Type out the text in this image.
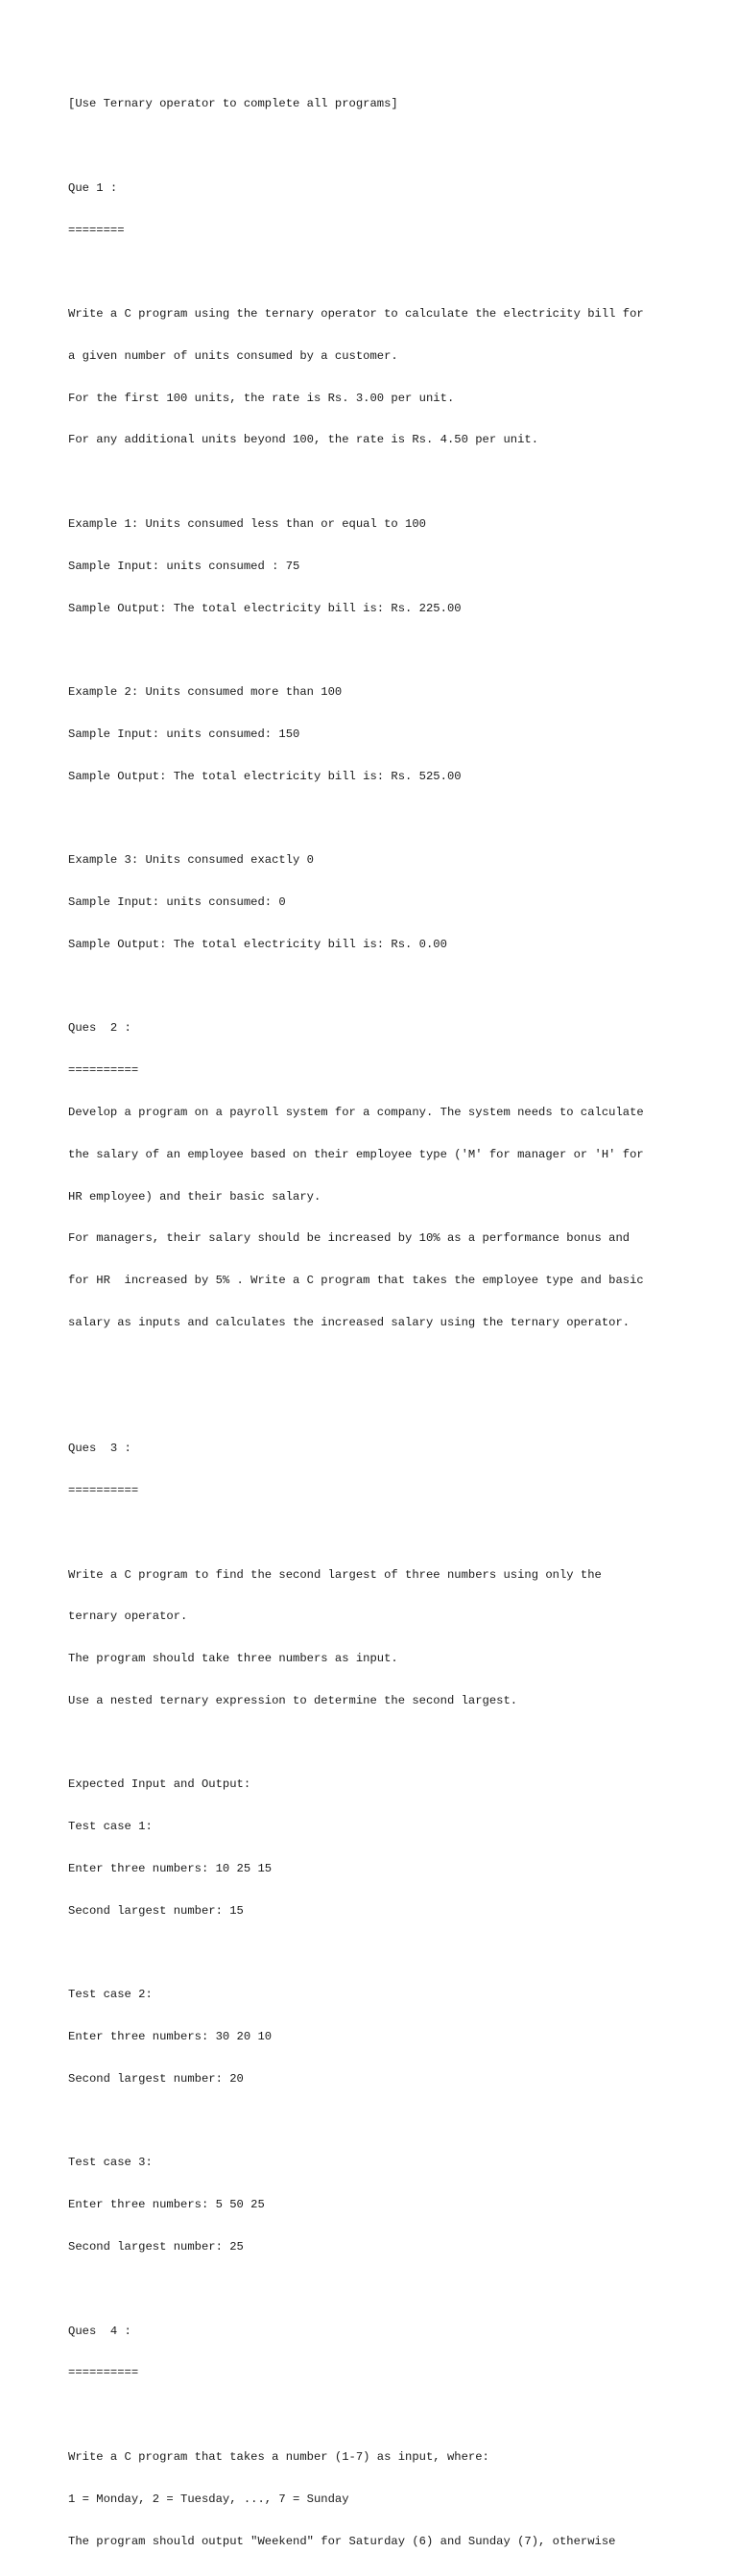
[Use Ternary operator to complete all programs]

Que 1 :

========

Write a C program using the ternary operator to calculate the electricity bill for

a given number of units consumed by a customer.

For the first 100 units, the rate is Rs. 3.00 per unit.

For any additional units beyond 100, the rate is Rs. 4.50 per unit.

Example 1: Units consumed less than or equal to 100

Sample Input: units consumed : 75

Sample Output: The total electricity bill is: Rs. 225.00

Example 2: Units consumed more than 100

Sample Input: units consumed: 150

Sample Output: The total electricity bill is: Rs. 525.00

Example 3: Units consumed exactly 0

Sample Input: units consumed: 0

Sample Output: The total electricity bill is: Rs. 0.00

Ques  2 :

==========

Develop a program on a payroll system for a company. The system needs to calculate

the salary of an employee based on their employee type ('M' for manager or 'H' for

HR employee) and their basic salary.

For managers, their salary should be increased by 10% as a performance bonus and

for HR  increased by 5% . Write a C program that takes the employee type and basic

salary as inputs and calculates the increased salary using the ternary operator.

Ques  3 :

==========

Write a C program to find the second largest of three numbers using only the

ternary operator.

The program should take three numbers as input.

Use a nested ternary expression to determine the second largest.

Expected Input and Output:

Test case 1:

Enter three numbers: 10 25 15

Second largest number: 15

Test case 2:

Enter three numbers: 30 20 10

Second largest number: 20

Test case 3:

Enter three numbers: 5 50 25

Second largest number: 25

Ques  4 :

==========

Write a C program that takes a number (1-7) as input, where:

1 = Monday, 2 = Tuesday, ..., 7 = Sunday

The program should output "Weekend" for Saturday (6) and Sunday (7), otherwise
